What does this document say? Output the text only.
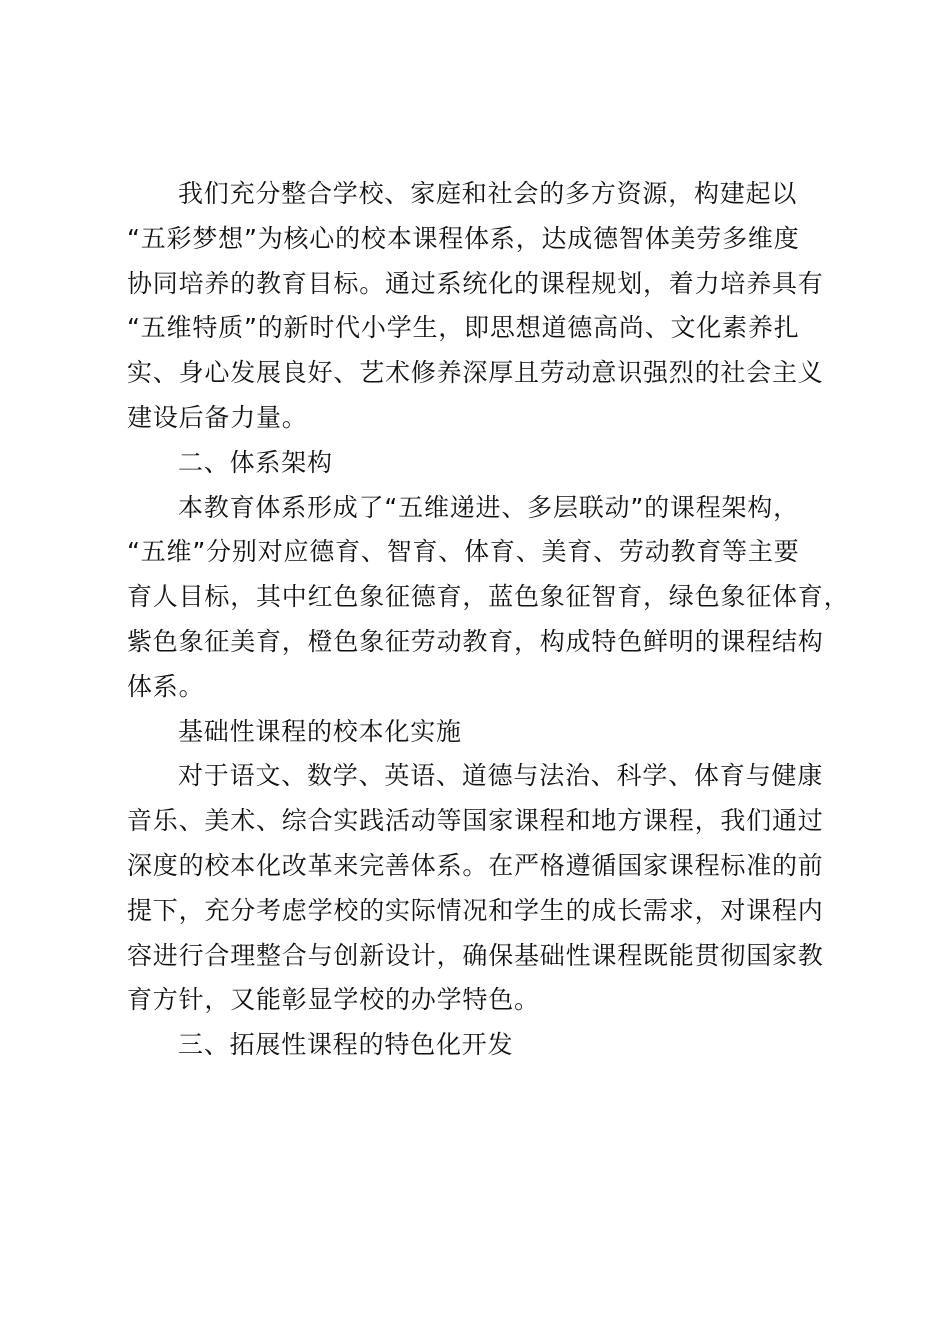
我们充分整合学校、家庭和社会的多方资源，构建起以
“五彩梦想”为核心的校本课程体系，达成德智体美劳多维度
协同培养的教育目标。通过系统化的课程规划，着力培养具有
“五维特质”的新时代小学生，即思想道德高尚、文化素养扎
实、身心发展良好、艺术修养深厚且劳动意识强烈的社会主义
建设后备力量。

二、体系架构

本教育体系形成了“五维递进、多层联动”的课程架构，
“五维”分别对应德育、智育、体育、美育、劳动教育等主要
育人目标，其中红色象征德育，蓝色象征智育，绿色象征体育，
紫色象征美育，橙色象征劳动教育，构成特色鲜明的课程结构
体系。

基础性课程的校本化实施

对于语文、数学、英语、道德与法治、科学、体育与健康
音乐、美术、综合实践活动等国家课程和地方课程，我们通过
深度的校本化改革来完善体系。在严格遵循国家课程标准的前
提下，充分考虑学校的实际情况和学生的成长需求，对课程内
容进行合理整合与创新设计，确保基础性课程既能贯彻国家教
育方针，又能彰显学校的办学特色。

三、拓展性课程的特色化开发
